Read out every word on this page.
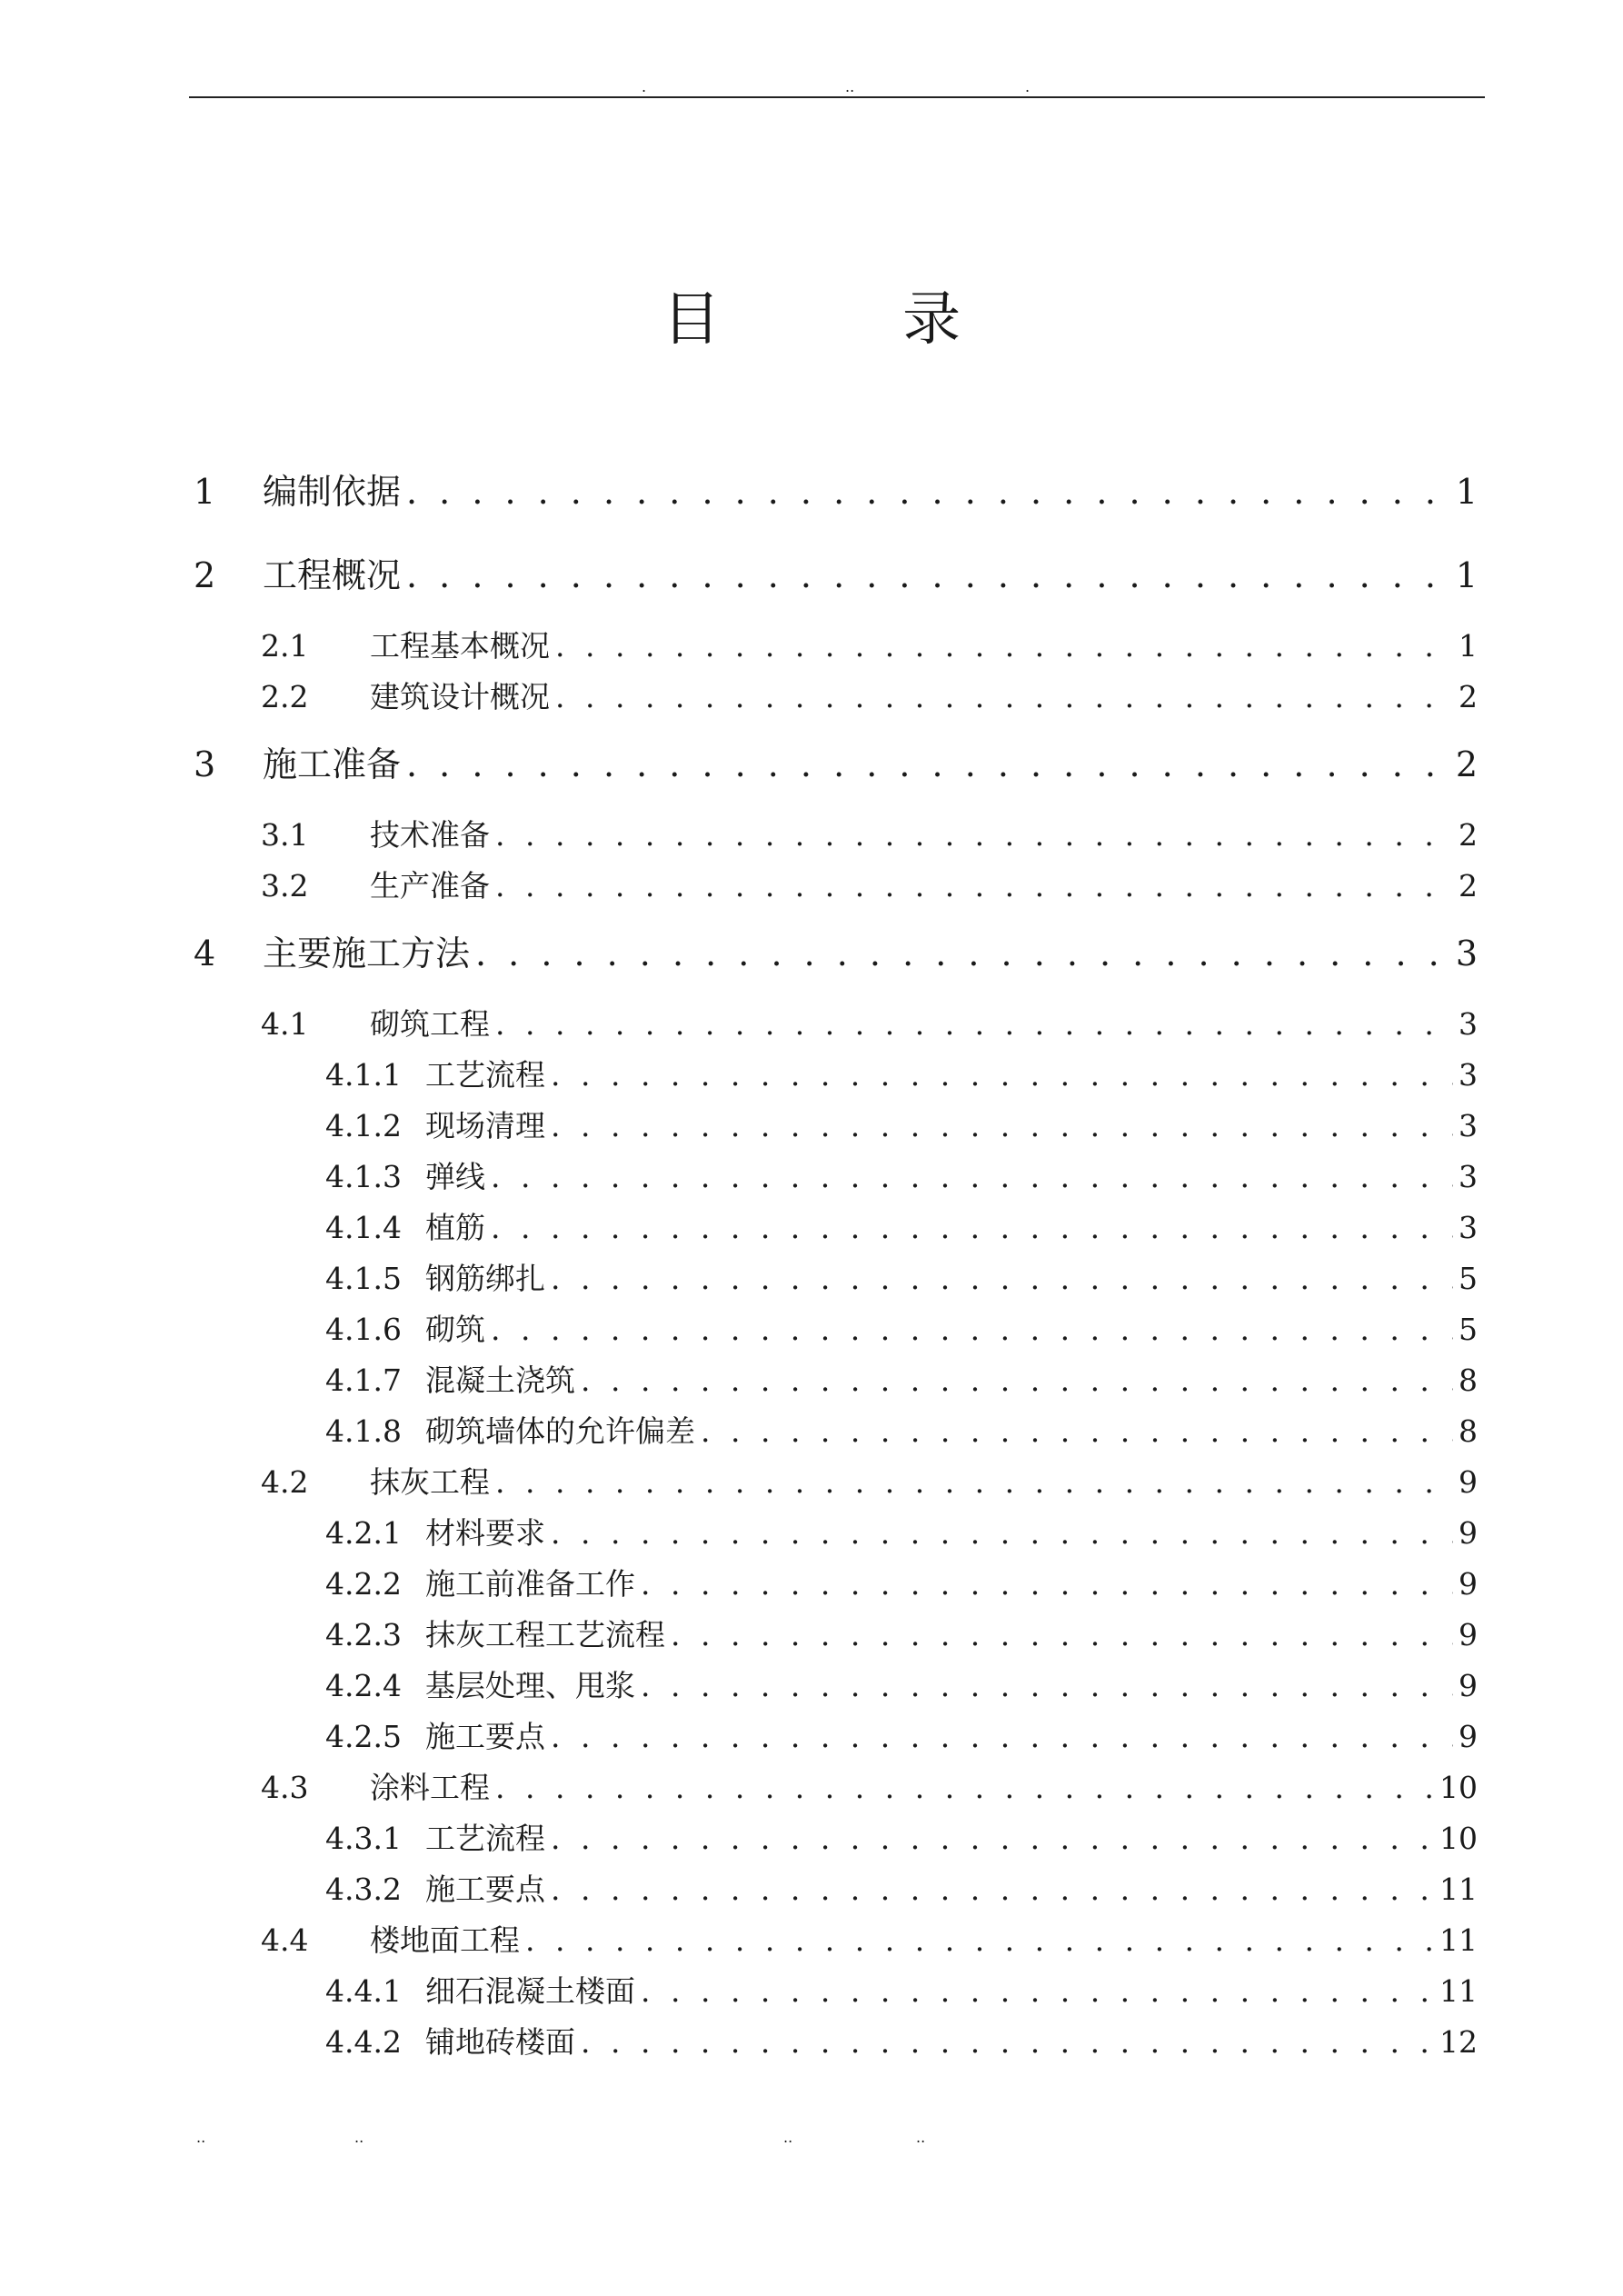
.	..	.
目 录
1	编制依据 . . .	1
2	工程概况 . . .	1
2.1	工程基本概况 . . .	1
2.2	建筑设计概况 . . .	2
3	施工准备 . . .	2
3.1	技术准备 . . .	2
3.2	生产准备 . . .	2
4	主要施工方法 . . .	3
4.1	砌筑工程 . . .	3
4.1.1 工艺流程 . . .	3
4.1.2 现场清理 . . .	3
4.1.3 弹线 . . .	3
4.1.4 植筋 . . .	3
4.1.5 钢筋绑扎 . . .	5
4.1.6 砌筑 . . .	5
4.1.7 混凝土浇筑 . . .	8
4.1.8 砌筑墙体的允许偏差 . . .	8
4.2	抹灰工程 . . .	9
4.2.1 材料要求 . . .	9
4.2.2 施工前准备工作 . . .	9
4.2.3 抹灰工程工艺流程 . . .	9
4.2.4 基层处理、甩浆 . . .	9
4.2.5 施工要点 . . .	9
4.3	涂料工程 . . .	10
4.3.1 工艺流程 . . .	10
4.3.2 施工要点 . . .	11
4.4	楼地面工程 . . .	11
4.4.1 细石混凝土楼面 . . .	11
4.4.2 铺地砖楼面 . . .	12
..	..	..	..
